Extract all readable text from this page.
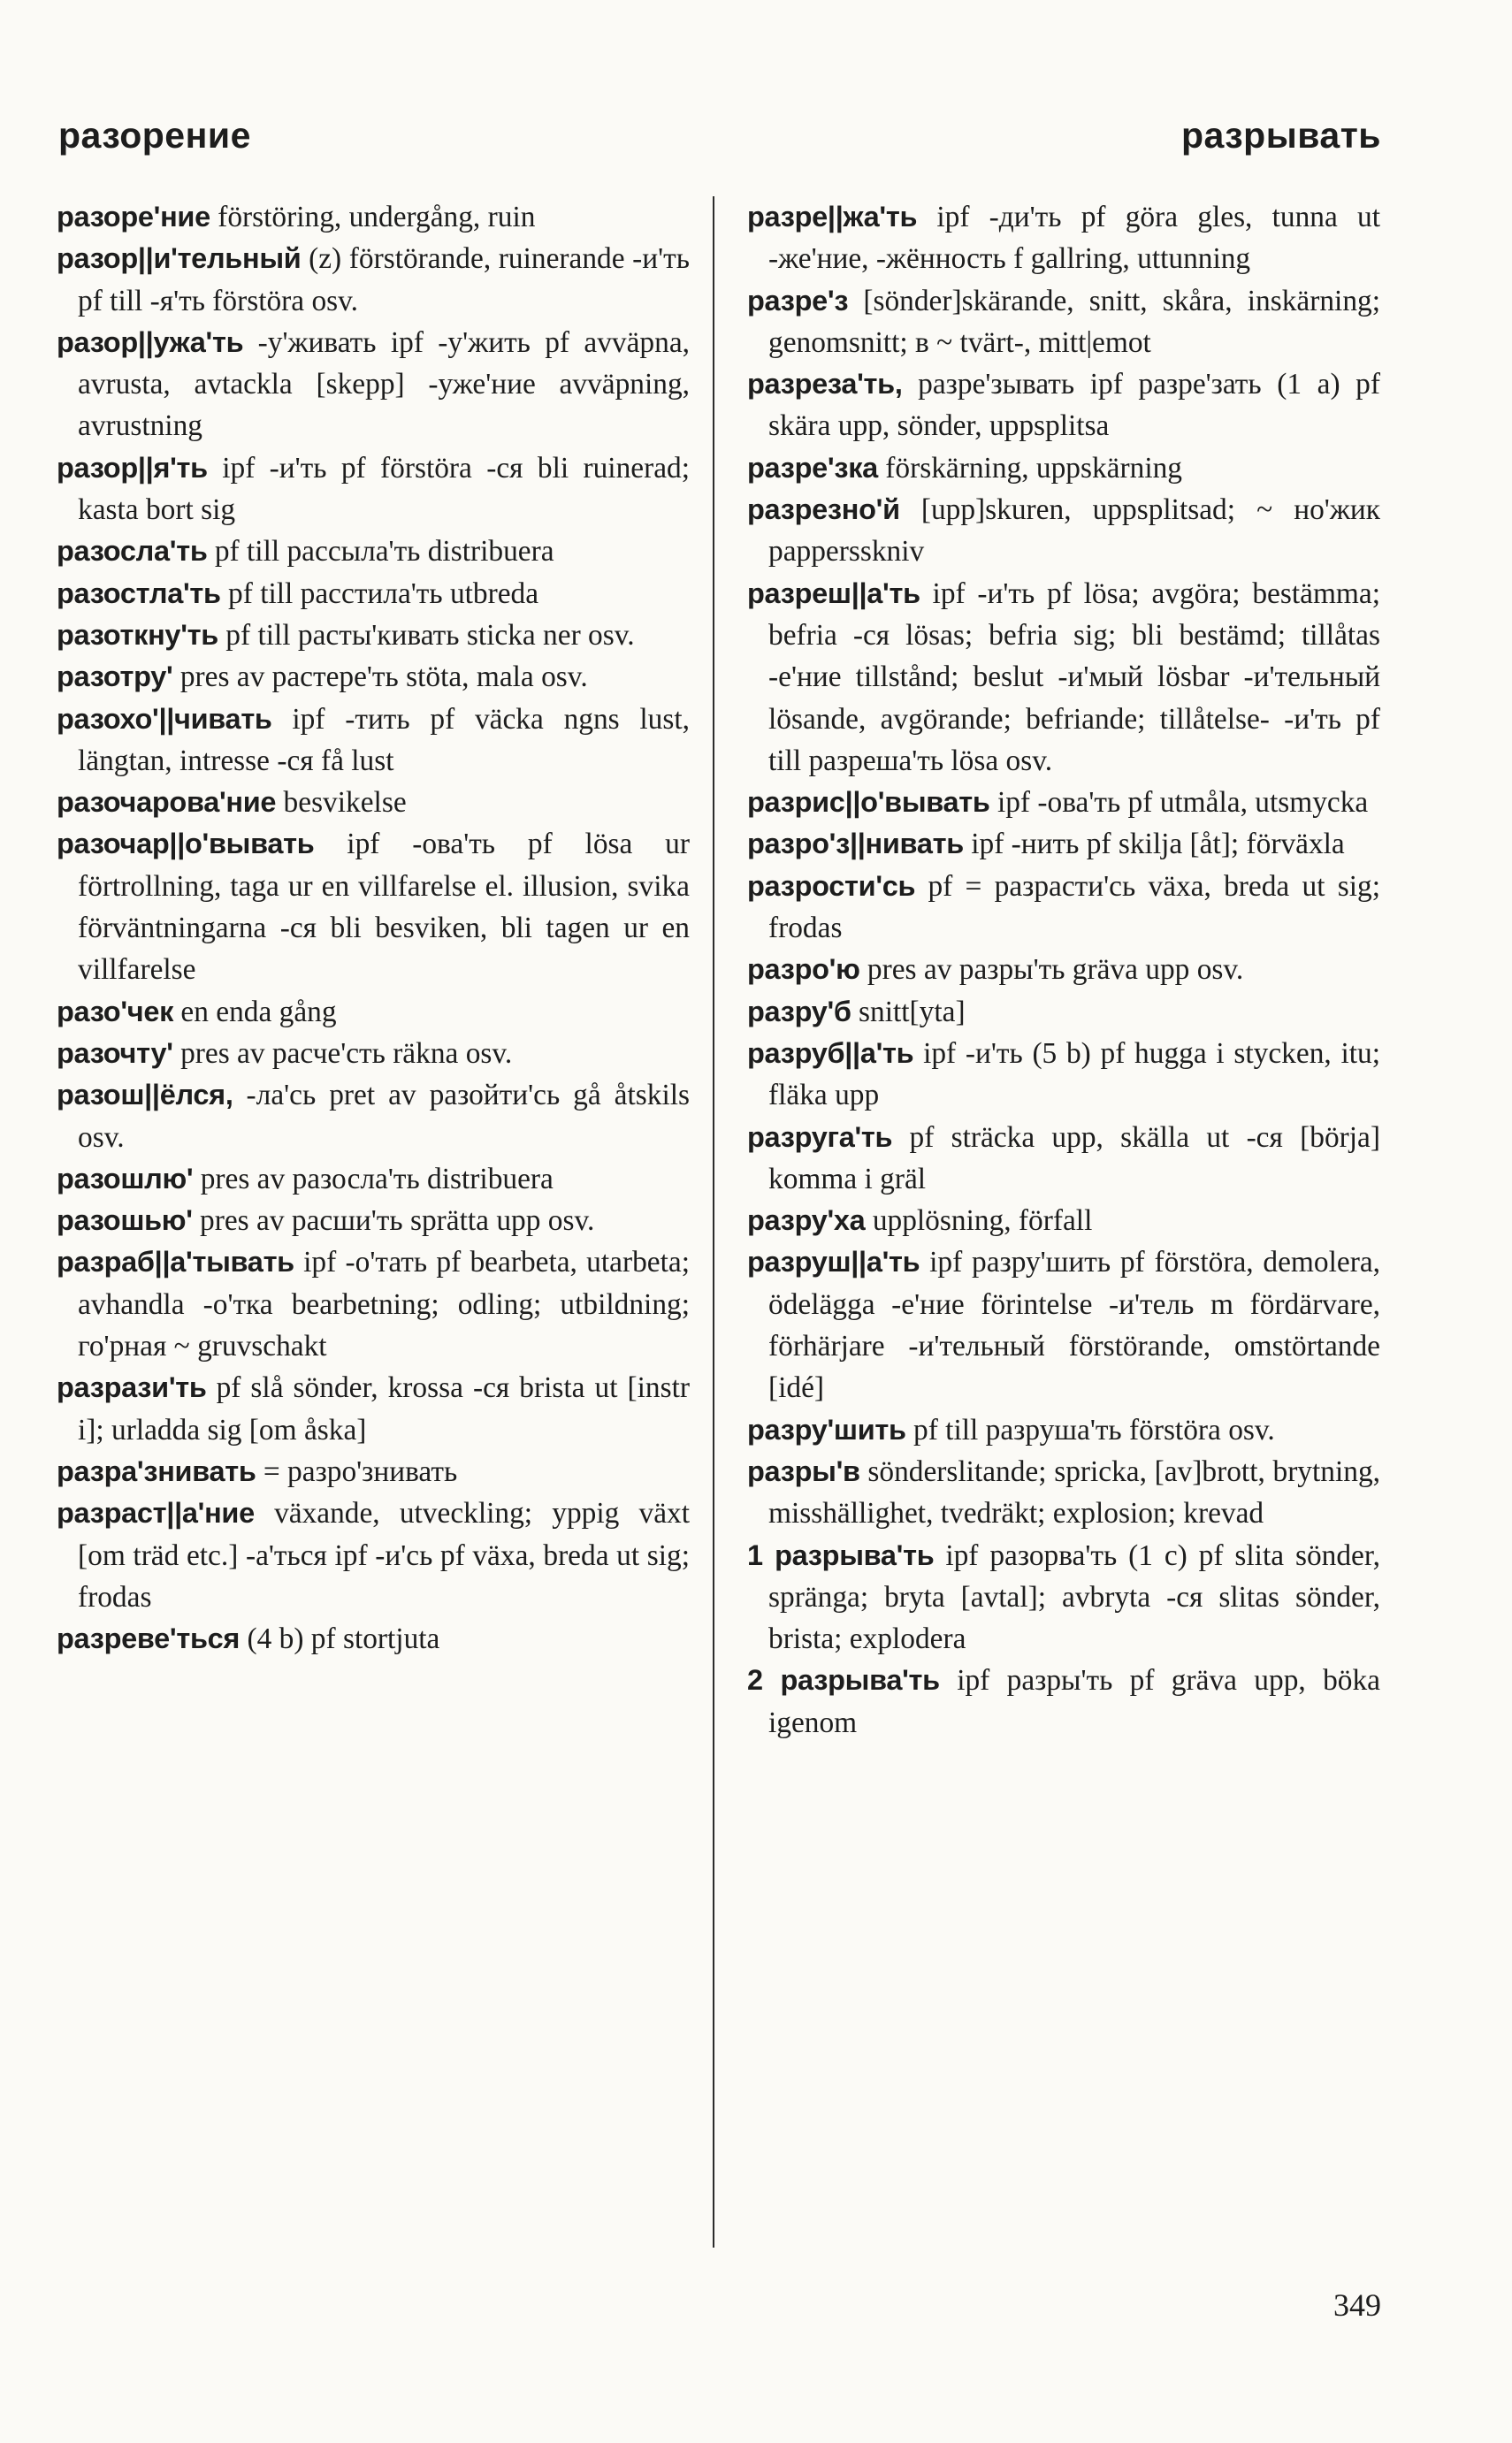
разорение	разрывать

разоре'ние förstöring, undergång, ruin

разор||и'тельный (z) förstörande, ruinerande -и'ть pf till -я'ть förstöra osv.

разор||ужа'ть -у'живать ipf -у'жить pf avväpna, avrusta, avtackla [skepp] -уже'ние avväpning, avrustning

разор||я'ть ipf -и'ть pf förstöra -ся bli ruinerad; kasta bort sig

разосла'ть pf till рассыла'ть distribuera

разостла'ть pf till расстила'ть utbreda

разоткну'ть pf till расты'кивать sticka ner osv.

разотру' pres av растере'ть stöta, mala osv.

разохо'||чивать ipf -тить pf väcka ngns lust, längtan, intresse -ся få lust

разочарова'ние besvikelse

разочар||о'вывать ipf -ова'ть pf lösa ur förtrollning, taga ur en villfarelse el. illusion, svika förväntningarna -ся bli besviken, bli tagen ur en villfarelse

разо'чек en enda gång

разочту' pres av расче'сть räkna osv.

разош||ёлся, -ла'сь pret av разойти'сь gå åtskils osv.

разошлю' pres av разосла'ть distribuera

разошью' pres av расши'ть sprätta upp osv.

разраб||а'тывать ipf -о'тать pf bearbeta, utarbeta; avhandla -о'тка bearbetning; odling; utbildning; го'рная ~ gruvschakt

разрази'ть pf slå sönder, krossa -ся brista ut [instr i]; urladda sig [om åska]

разра'знивать = разро'знивать

разраст||а'ние växande, utveckling; yppig växt [om träd etc.] -а'ться ipf -и'сь pf växa, breda ut sig; frodas

разреве'ться (4 b) pf stortjuta

разре||жа'ть ipf -ди'ть pf göra gles, tunna ut -же'ние, -жённость f gallring, uttunning

разре'з [sönder]skärande, snitt, skåra, inskärning; genomsnitt; в ~ tvärt-, mitt|emot

разреза'ть, разре'зывать ipf разре'зать (1 a) pf skära upp, sönder, uppsplitsa

разре'зка förskärning, uppskärning

разрезно'й [upp]skuren, uppsplitsad; ~ но'жик pappersskniv

разреш||а'ть ipf -и'ть pf lösa; avgöra; bestämma; befria -ся lösas; befria sig; bli bestämd; tillåtas -е'ние tillstånd; beslut -и'мый lösbar -и'тельный lösande, avgörande; befriande; tillåtelse- -и'ть pf till разреша'ть lösa osv.

разрис||о'вывать ipf -ова'ть pf utmåla, utsmycka

разро'з||нивать ipf -нить pf skilja [åt]; förväxla

разрости'сь pf = разрасти'сь växa, breda ut sig; frodas

разро'ю pres av разры'ть gräva upp osv.

разру'б snitt[yta]

разруб||а'ть ipf -и'ть (5 b) pf hugga i stycken, itu; fläka upp

разруга'ть pf sträcka upp, skälla ut -ся [börja] komma i gräl

разру'ха upplösning, förfall

разруш||а'ть ipf разру'шить pf förstöra, demolera, ödelägga -е'ние förintelse -и'тель m fördärvare, förhärjare -и'тельный förstörande, omstörtande [idé]

разру'шить pf till разруша'ть förstöra osv.

разры'в sönderslitande; spricka, [av]brott, brytning, misshällighet, tvedräkt; explosion; krevad

1 разрыва'ть ipf разорва'ть (1 c) pf slita sönder, spränga; bryta [avtal]; avbryta -ся slitas sönder, brista; explodera

2 разрыва'ть ipf разры'ть pf gräva upp, böka igenom

349
